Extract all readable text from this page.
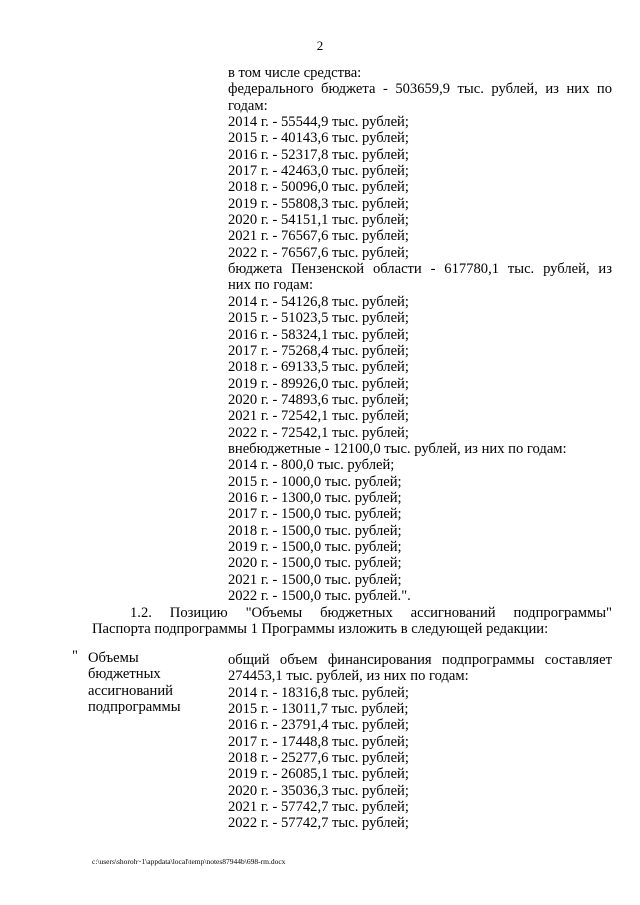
2
в том числе средства:
федерального бюджета - 503659,9 тыс. рублей, из них по
годам:
2014 г. - 55544,9 тыс. рублей;
2015 г. - 40143,6 тыс. рублей;
2016 г. - 52317,8 тыс. рублей;
2017 г. - 42463,0 тыс. рублей;
2018 г. - 50096,0 тыс. рублей;
2019 г. - 55808,3 тыс. рублей;
2020 г. - 54151,1 тыс. рублей;
2021 г. - 76567,6 тыс. рублей;
2022 г. - 76567,6 тыс. рублей;
бюджета Пензенской области - 617780,1 тыс. рублей, из
них по годам:
2014 г. - 54126,8 тыс. рублей;
2015 г. - 51023,5 тыс. рублей;
2016 г. - 58324,1 тыс. рублей;
2017 г. - 75268,4 тыс. рублей;
2018 г. - 69133,5 тыс. рублей;
2019 г. - 89926,0 тыс. рублей;
2020 г. - 74893,6 тыс. рублей;
2021 г. - 72542,1 тыс. рублей;
2022 г. - 72542,1 тыс. рублей;
внебюджетные - 12100,0 тыс. рублей, из них по годам:
2014 г. - 800,0 тыс. рублей;
2015 г. - 1000,0 тыс. рублей;
2016 г. - 1300,0 тыс. рублей;
2017 г. - 1500,0 тыс. рублей;
2018 г. - 1500,0 тыс. рублей;
2019 г. - 1500,0 тыс. рублей;
2020 г. - 1500,0 тыс. рублей;
2021 г. - 1500,0 тыс. рублей;
2022 г. - 1500,0 тыс. рублей.".
1.2. Позицию "Объемы бюджетных ассигнований подпрограммы"
Паспорта подпрограммы 1 Программы изложить в следующей редакции:
" Объемы
бюджетных
ассигнований
подпрограммы
общий объем финансирования подпрограммы составляет
274453,1 тыс. рублей, из них по годам:
2014 г. - 18316,8 тыс. рублей;
2015 г. - 13011,7 тыс. рублей;
2016 г. - 23791,4 тыс. рублей;
2017 г. - 17448,8 тыс. рублей;
2018 г. - 25277,6 тыс. рублей;
2019 г. - 26085,1 тыс. рублей;
2020 г. - 35036,3 тыс. рублей;
2021 г. - 57742,7 тыс. рублей;
2022 г. - 57742,7 тыс. рублей;
c:\users\shoroh~1\appdata\local\temp\notes87944b\698-rm.docx
